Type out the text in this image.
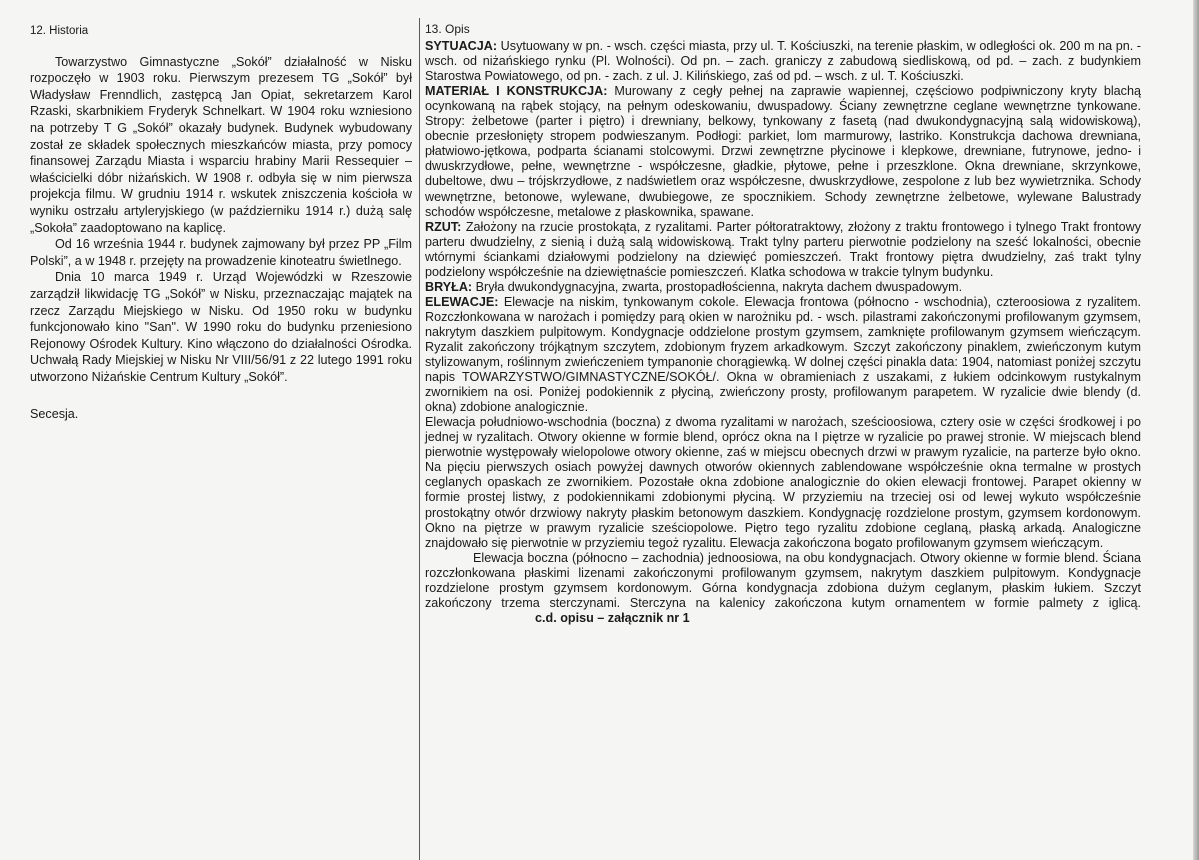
12. Historia

Towarzystwo Gimnastyczne „Sokół” działalność w Nisku rozpoczęło w 1903 roku. Pierwszym prezesem TG „Sokół” był Władysław Frenndlich, zastępcą Jan Opiat, sekretarzem Karol Rzaski, skarbnikiem Fryderyk Schnelkart. W 1904 roku wzniesiono na potrzeby T G „Sokół” okazały budynek. Budynek wybudowany został ze składek społecznych mieszkańców miasta, przy pomocy finansowej Zarządu Miasta i wsparciu hrabiny Marii Ressequier – właścicielki dóbr niżańskich. W 1908 r. odbyła się w nim pierwsza projekcja filmu. W grudniu 1914 r. wskutek zniszczenia kościoła w wyniku ostrzału artyleryjskiego (w październiku 1914 r.) dużą salę „Sokoła” zaadoptowano na kaplicę.

Od 16 września 1944 r. budynek zajmowany był przez PP „Film Polski”, a w 1948 r. przejęty na prowadzenie kinoteatru świetlnego.

Dnia 10 marca 1949 r. Urząd Wojewódzki w Rzeszowie zarządził likwidację TG „Sokół” w Nisku, przeznaczając majątek na rzecz Zarządu Miejskiego w Nisku. Od 1950 roku w budynku funkcjonowało kino "San". W 1990 roku do budynku przeniesiono Rejonowy Ośrodek Kultury. Kino włączono do działalności Ośrodka. Uchwałą Rady Miejskiej w Nisku Nr VIII/56/91 z 22 lutego 1991 roku utworzono Niżańskie Centrum Kultury „Sokół”.

Secesja.

13. Opis

SYTUACJA: Usytuowany w pn. - wsch. części miasta, przy ul. T. Kościuszki, na terenie płaskim, w odległości ok. 200 m na pn. - wsch. od niżańskiego rynku (Pl. Wolności). Od pn. – zach. graniczy z zabudową siedliskową, od pd. – zach. z budynkiem Starostwa Powiatowego, od pn. - zach. z ul. J. Kilińskiego, zaś od pd. – wsch. z ul. T. Kościuszki.

MATERIAŁ I KONSTRUKCJA: Murowany z cegły pełnej na zaprawie wapiennej, częściowo podpiwniczony kryty blachą ocynkowaną na rąbek stojący, na pełnym odeskowaniu, dwuspadowy. Ściany zewnętrzne ceglane wewnętrzne tynkowane. Stropy: żelbetowe (parter i piętro) i drewniany, belkowy, tynkowany z fasetą (nad dwukondygnacyjną salą widowiskową), obecnie przesłonięty stropem podwieszanym. Podłogi: parkiet, lom marmurowy, lastriko. Konstrukcja dachowa drewniana, płatwiowo-jętkowa, podparta ścianami stolcowymi. Drzwi zewnętrzne płycinowe i klepkowe, drewniane, futrynowe, jedno- i dwuskrzydłowe, pełne, wewnętrzne - współczesne, gładkie, płytowe, pełne i przeszklone. Okna drewniane, skrzynkowe, dubeltowe, dwu – trójskrzydłowe, z nadświetlem oraz współczesne, dwuskrzydłowe, zespolone z lub bez wywietrznika. Schody wewnętrzne, betonowe, wylewane, dwubiegowe, ze spocznikiem. Schody zewnętrzne żelbetowe, wylewane Balustrady schodów współczesne, metalowe z płaskownika, spawane.

RZUT: Założony na rzucie prostokąta, z ryzalitami. Parter półtoratraktowy, złożony z traktu frontowego i tylnego Trakt frontowy parteru dwudzielny, z sienią i dużą salą widowiskową. Trakt tylny parteru pierwotnie podzielony na sześć lokalności, obecnie wtórnymi ściankami działowymi podzielony na dziewięć pomieszczeń. Trakt frontowy piętra dwudzielny, zaś trakt tylny podzielony współcześnie na dziewiętnaście pomieszczeń. Klatka schodowa w trakcie tylnym budynku.

BRYŁA: Bryła dwukondygnacyjna, zwarta, prostopadłościenna, nakryta dachem dwuspadowym.

ELEWACJE: Elewacje na niskim, tynkowanym cokole. Elewacja frontowa (północno - wschodnia), czteroosiowa z ryzalitem. Rozczłonkowana w narożach i pomiędzy parą okien w narożniku pd. - wsch. pilastrami zakończonymi profilowanym gzymsem, nakrytym daszkiem pulpitowym. Kondygnacje oddzielone prostym gzymsem, zamknięte profilowanym gzymsem wieńczącym. Ryzalit zakończony trójkątnym szczytem, zdobionym fryzem arkadkowym. Szczyt zakończony pinaklem, zwieńczonym kutym stylizowanym, roślinnym zwieńczeniem tympanonie chorągiewką. W dolnej części pinakla data: 1904, natomiast poniżej szczytu napis TOWARZYSTWO/GIMNASTYCZNE/SOKÓŁ/. Okna w obramieniach z uszakami, z łukiem odcinkowym rustykalnym zwornikiem na osi. Poniżej podokiennik z płyciną, zwieńczony prosty, profilowanym parapetem. W ryzalicie dwie blendy (d. okna) zdobione analogicznie.

Elewacja południowo-wschodnia (boczna) z dwoma ryzalitami w narożach, sześcioosiowa, cztery osie w części środkowej i po jednej w ryzalitach. Otwory okienne w formie blend, oprócz okna na I piętrze w ryzalicie po prawej stronie. W miejscach blend pierwotnie występowały wielopolowe otwory okienne, zaś w miejscu obecnych drzwi w prawym ryzalicie, na parterze było okno. Na pięciu pierwszych osiach powyżej dawnych otworów okiennych zablendowane współcześnie okna termalne w prostych ceglanych opaskach ze zwornikiem. Pozostałe okna zdobione analogicznie do okien elewacji frontowej. Parapet okienny w formie prostej listwy, z podokiennikami zdobionymi płyciną. W przyziemiu na trzeciej osi od lewej wykuto współcześnie prostokątny otwór drzwiowy nakryty płaskim betonowym daszkiem. Kondygnację rozdzielone prostym, gzymsem kordonowym. Okno na piętrze w prawym ryzalicie sześciopolowe. Piętro tego ryzalitu zdobione ceglaną, płaską arkadą. Analogiczne znajdowało się pierwotnie w przyziemiu tegoż ryzalitu. Elewacja zakończona bogato profilowanym gzymsem wieńczącym.

Elewacja boczna (północno – zachodnia) jednoosiowa, na obu kondygnacjach. Otwory okienne w formie blend. Ściana rozczłonkowana płaskimi lizenami zakończonymi profilowanym gzymsem, nakrytym daszkiem pulpitowym. Kondygnacje rozdzielone prostym gzymsem kordonowym. Górna kondygnacja zdobiona dużym ceglanym, płaskim łukiem. Szczyt zakończony trzema sterczynami. Sterczyna na kalenicy zakończona kutym ornamentem w formie palmety z iglicą.c.d. opisu – załącznik nr 1
